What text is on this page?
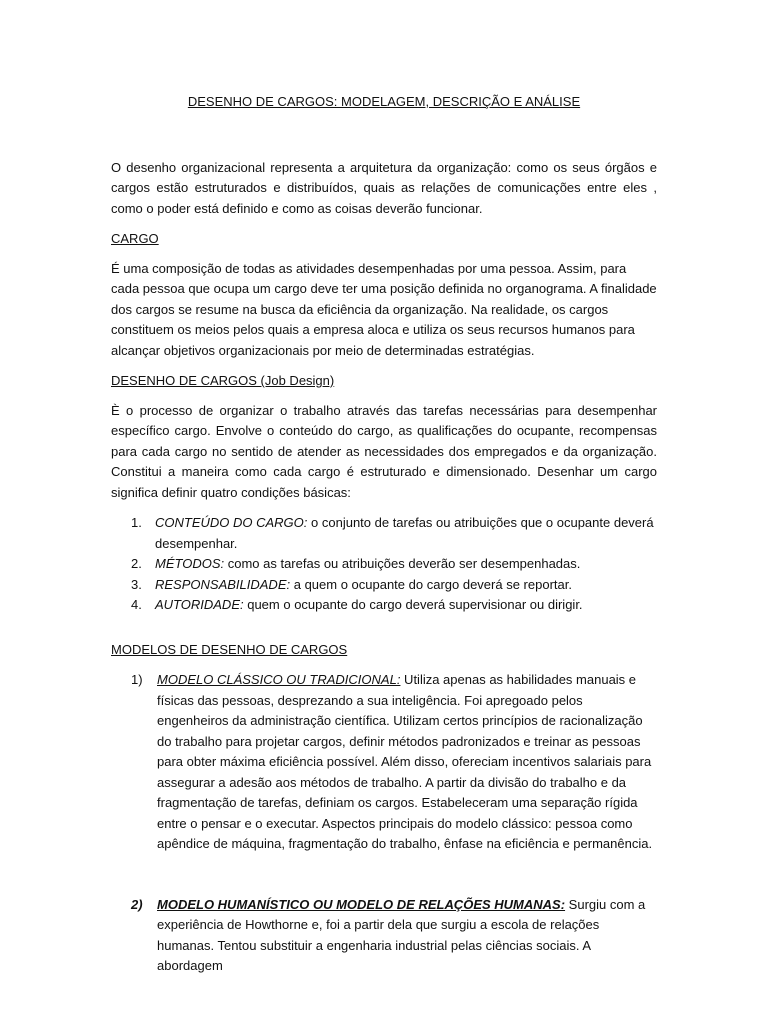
DESENHO DE CARGOS: MODELAGEM, DESCRIÇÃO E ANÁLISE

O desenho organizacional representa a arquitetura da organização: como os seus órgãos e cargos estão estruturados e distribuídos, quais as relações de comunicações entre eles , como o poder está definido e como as coisas deverão funcionar.

CARGO

É uma composição de todas as atividades desempenhadas por uma pessoa. Assim, para cada pessoa que ocupa um cargo deve ter uma posição definida no organograma. A finalidade dos cargos se resume na busca da eficiência da organização. Na realidade, os cargos constituem os meios pelos quais a empresa aloca e utiliza os seus recursos humanos para alcançar objetivos organizacionais por meio de determinadas estratégias.

DESENHO DE CARGOS (Job Design)

È o processo de organizar o trabalho através das tarefas necessárias para desempenhar específico cargo. Envolve o conteúdo do cargo, as qualificações do ocupante, recompensas para cada cargo no sentido de atender as necessidades dos empregados e da organização. Constitui a maneira como cada cargo é estruturado e dimensionado. Desenhar um cargo significa definir quatro condições básicas:

1. CONTEÚDO DO CARGO: o conjunto de tarefas ou atribuições que o ocupante deverá desempenhar.
2. MÉTODOS: como as tarefas ou atribuições deverão ser desempenhadas.
3. RESPONSABILIDADE: a quem o ocupante do cargo deverá se reportar.
4. AUTORIDADE: quem o ocupante do cargo deverá supervisionar ou dirigir.

MODELOS DE DESENHO DE CARGOS

1) MODELO CLÁSSICO OU TRADICIONAL: Utiliza apenas as habilidades manuais e físicas das pessoas, desprezando a sua inteligência. Foi apregoado pelos engenheiros da administração científica. Utilizam certos princípios de racionalização do trabalho para projetar cargos, definir métodos padronizados e treinar as pessoas para obter máxima eficiência possível. Além disso, ofereciam incentivos salariais para assegurar a adesão aos métodos de trabalho. A partir da divisão do trabalho e da fragmentação de tarefas, definiam os cargos. Estabeleceram uma separação rígida entre o pensar e o executar. Aspectos principais do modelo clássico: pessoa como apêndice de máquina, fragmentação do trabalho, ênfase na eficiência e permanência.
2) MODELO HUMANÍSTICO OU MODELO DE RELAÇÕES HUMANAS: Surgiu com a experiência de Howthorne e, foi a partir dela que surgiu a escola de relações humanas. Tentou substituir a engenharia industrial pelas ciências sociais. A abordagem
